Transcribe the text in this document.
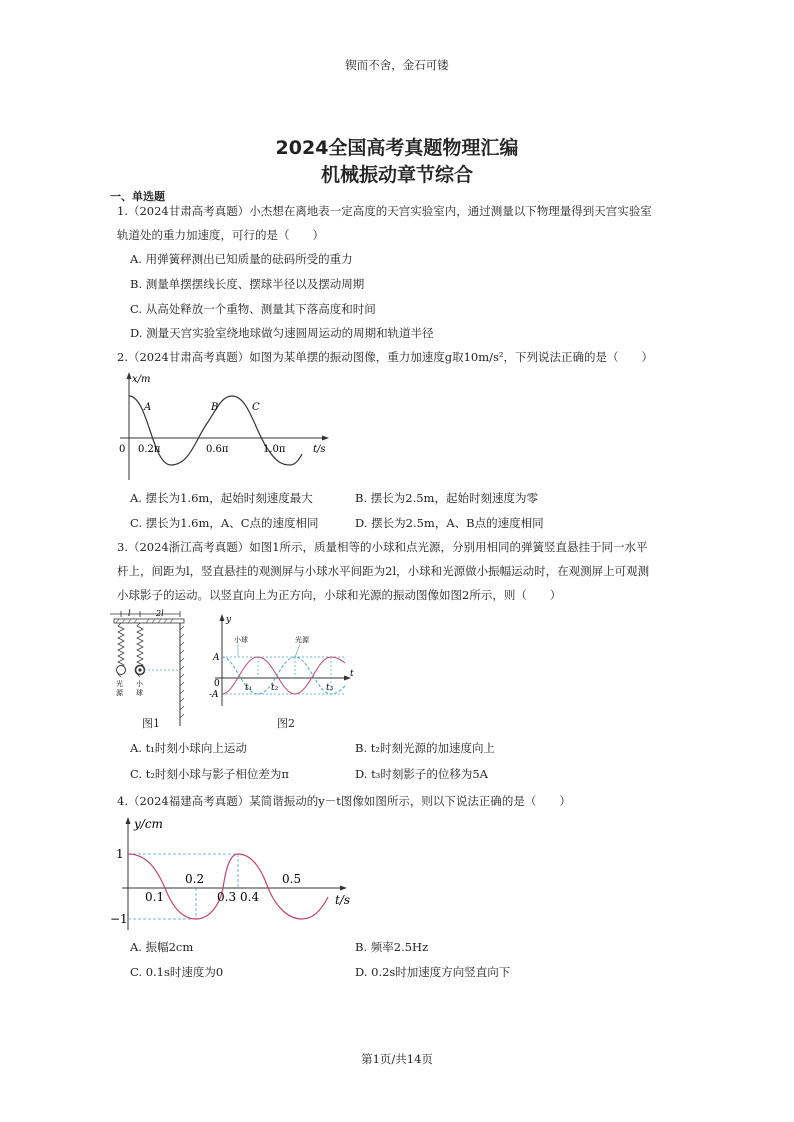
锲而不舍，金石可镂
2024全国高考真题物理汇编
机械振动章节综合
一、单选题
1.（2024甘肃高考真题）小杰想在离地表一定高度的天宫实验室内，通过测量以下物理量得到天宫实验室
轨道处的重力加速度，可行的是（　　）
A. 用弹簧秤测出已知质量的砝码所受的重力
B. 测量单摆摆线长度、摆球半径以及摆动周期
C. 从高处释放一个重物、测量其下落高度和时间
D. 测量天宫实验室绕地球做匀速圆周运动的周期和轨道半径
2.（2024甘肃高考真题）如图为某单摆的振动图像，重力加速度g取10m/s²，下列说法正确的是（　　）
x/m
t/s
0 0.2π	0.6π	1.0π
A	B	C
A. 摆长为1.6m，起始时刻速度最大	B. 摆长为2.5m，起始时刻速度为零
C. 摆长为1.6m，A、C点的速度相同	D. 摆长为2.5m，A、B点的速度相同
3.（2024浙江高考真题）如图1所示，质量相等的小球和点光源，分别用相同的弹簧竖直悬挂于同一水平
杆上，间距为l，竖直悬挂的观测屏与小球水平间距为2l，小球和光源做小振幅运动时，在观测屏上可观测
小球影子的运动。以竖直向上为正方向，小球和光源的振动图像如图2所示，则（　　）
l	2l
光
源
小
球
图1
y
t
0
A
-A
小球	光源
t₁ t₂	t₃
图2
A. t₁时刻小球向上运动	B. t₂时刻光源的加速度向上
C. t₂时刻小球与影子相位差为π	D. t₃时刻影子的位移为5A
4.（2024福建高考真题）某简谐振动的y－t图像如图所示，则以下说法正确的是（　　）
y/cm
t/s
1
−1
0.1
0.2
0.3 0.4
0.5
A. 振幅2cm	B. 频率2.5Hz
C. 0.1s时速度为0	D. 0.2s时加速度方向竖直向下
第1页/共14页
